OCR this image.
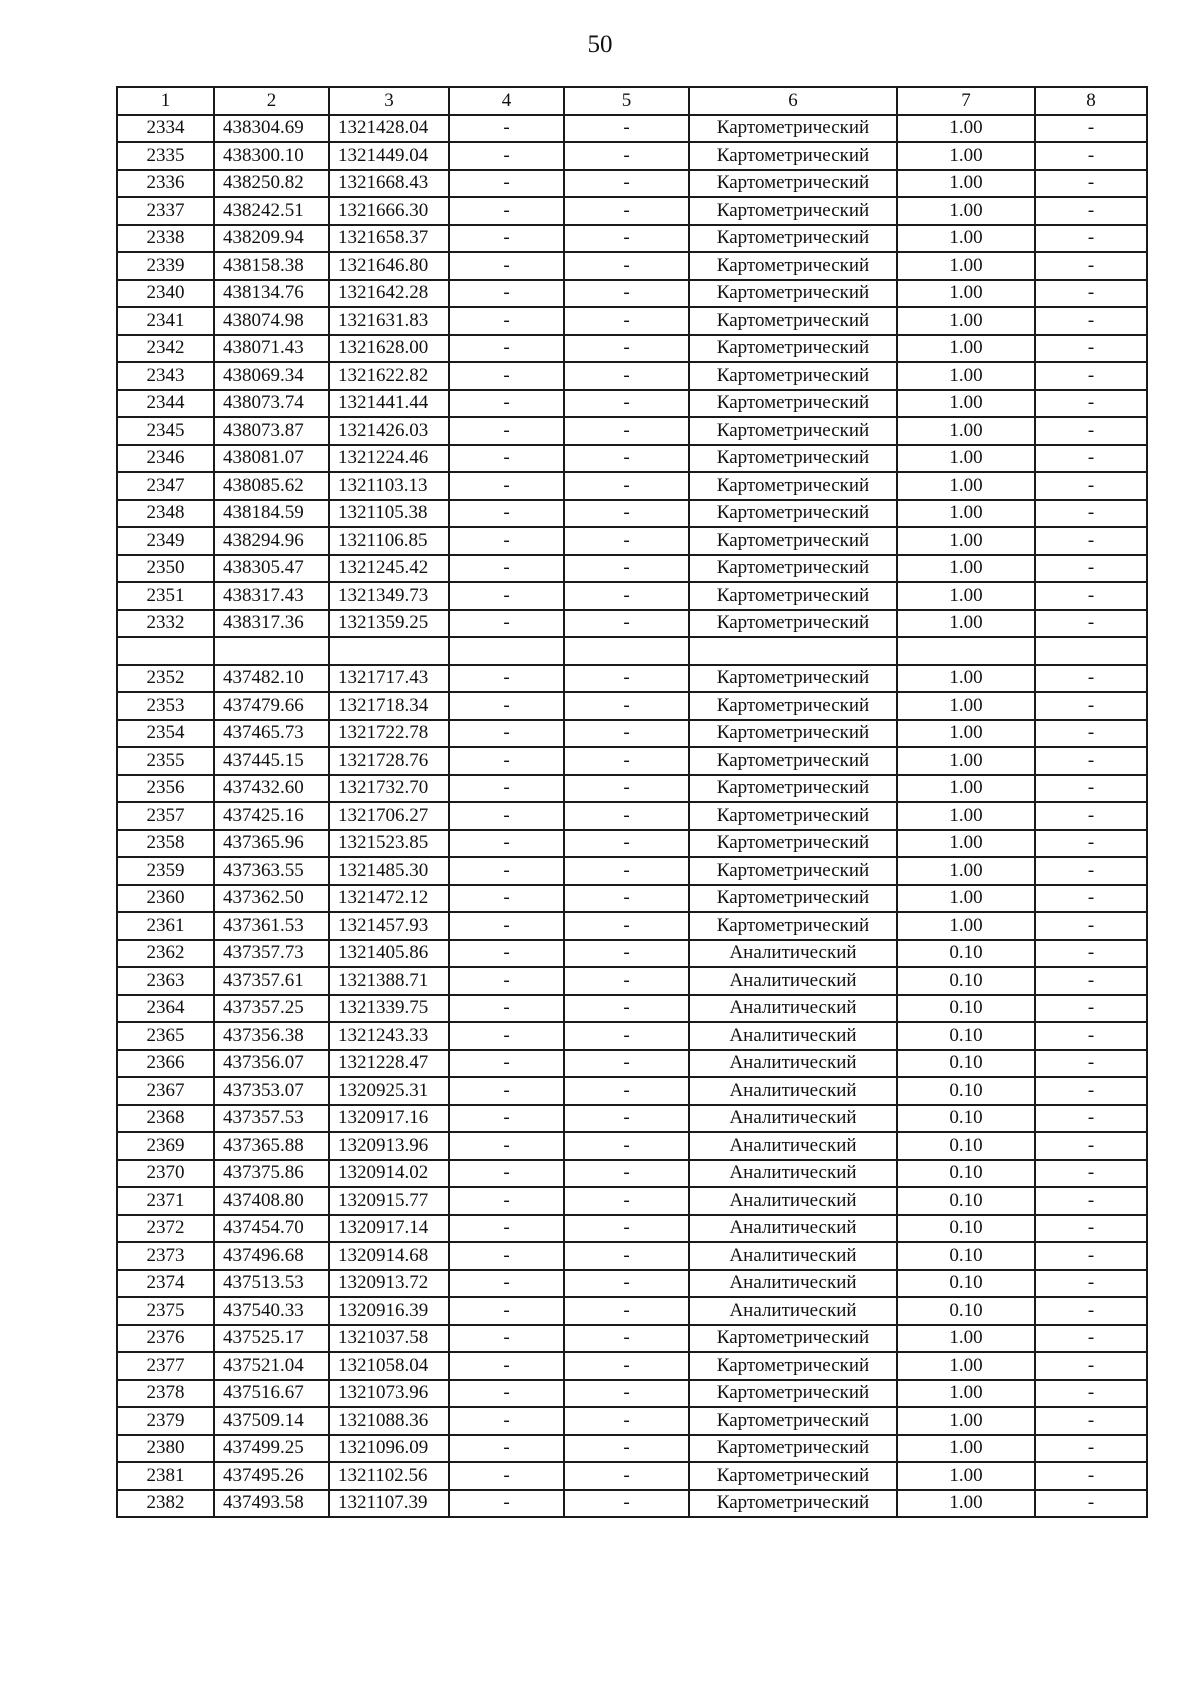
50
1	2	3	4	5	6	7	8
2334	438304.69	1321428.04	-	-	Картометрический	1.00	-
2335	438300.10	1321449.04	-	-	Картометрический	1.00	-
2336	438250.82	1321668.43	-	-	Картометрический	1.00	-
2337	438242.51	1321666.30	-	-	Картометрический	1.00	-
2338	438209.94	1321658.37	-	-	Картометрический	1.00	-
2339	438158.38	1321646.80	-	-	Картометрический	1.00	-
2340	438134.76	1321642.28	-	-	Картометрический	1.00	-
2341	438074.98	1321631.83	-	-	Картометрический	1.00	-
2342	438071.43	1321628.00	-	-	Картометрический	1.00	-
2343	438069.34	1321622.82	-	-	Картометрический	1.00	-
2344	438073.74	1321441.44	-	-	Картометрический	1.00	-
2345	438073.87	1321426.03	-	-	Картометрический	1.00	-
2346	438081.07	1321224.46	-	-	Картометрический	1.00	-
2347	438085.62	1321103.13	-	-	Картометрический	1.00	-
2348	438184.59	1321105.38	-	-	Картометрический	1.00	-
2349	438294.96	1321106.85	-	-	Картометрический	1.00	-
2350	438305.47	1321245.42	-	-	Картометрический	1.00	-
2351	438317.43	1321349.73	-	-	Картометрический	1.00	-
2332	438317.36	1321359.25	-	-	Картометрический	1.00	-

2352	437482.10	1321717.43	-	-	Картометрический	1.00	-
2353	437479.66	1321718.34	-	-	Картометрический	1.00	-
2354	437465.73	1321722.78	-	-	Картометрический	1.00	-
2355	437445.15	1321728.76	-	-	Картометрический	1.00	-
2356	437432.60	1321732.70	-	-	Картометрический	1.00	-
2357	437425.16	1321706.27	-	-	Картометрический	1.00	-
2358	437365.96	1321523.85	-	-	Картометрический	1.00	-
2359	437363.55	1321485.30	-	-	Картометрический	1.00	-
2360	437362.50	1321472.12	-	-	Картометрический	1.00	-
2361	437361.53	1321457.93	-	-	Картометрический	1.00	-
2362	437357.73	1321405.86	-	-	Аналитический	0.10	-
2363	437357.61	1321388.71	-	-	Аналитический	0.10	-
2364	437357.25	1321339.75	-	-	Аналитический	0.10	-
2365	437356.38	1321243.33	-	-	Аналитический	0.10	-
2366	437356.07	1321228.47	-	-	Аналитический	0.10	-
2367	437353.07	1320925.31	-	-	Аналитический	0.10	-
2368	437357.53	1320917.16	-	-	Аналитический	0.10	-
2369	437365.88	1320913.96	-	-	Аналитический	0.10	-
2370	437375.86	1320914.02	-	-	Аналитический	0.10	-
2371	437408.80	1320915.77	-	-	Аналитический	0.10	-
2372	437454.70	1320917.14	-	-	Аналитический	0.10	-
2373	437496.68	1320914.68	-	-	Аналитический	0.10	-
2374	437513.53	1320913.72	-	-	Аналитический	0.10	-
2375	437540.33	1320916.39	-	-	Аналитический	0.10	-
2376	437525.17	1321037.58	-	-	Картометрический	1.00	-
2377	437521.04	1321058.04	-	-	Картометрический	1.00	-
2378	437516.67	1321073.96	-	-	Картометрический	1.00	-
2379	437509.14	1321088.36	-	-	Картометрический	1.00	-
2380	437499.25	1321096.09	-	-	Картометрический	1.00	-
2381	437495.26	1321102.56	-	-	Картометрический	1.00	-
2382	437493.58	1321107.39	-	-	Картометрический	1.00	-
